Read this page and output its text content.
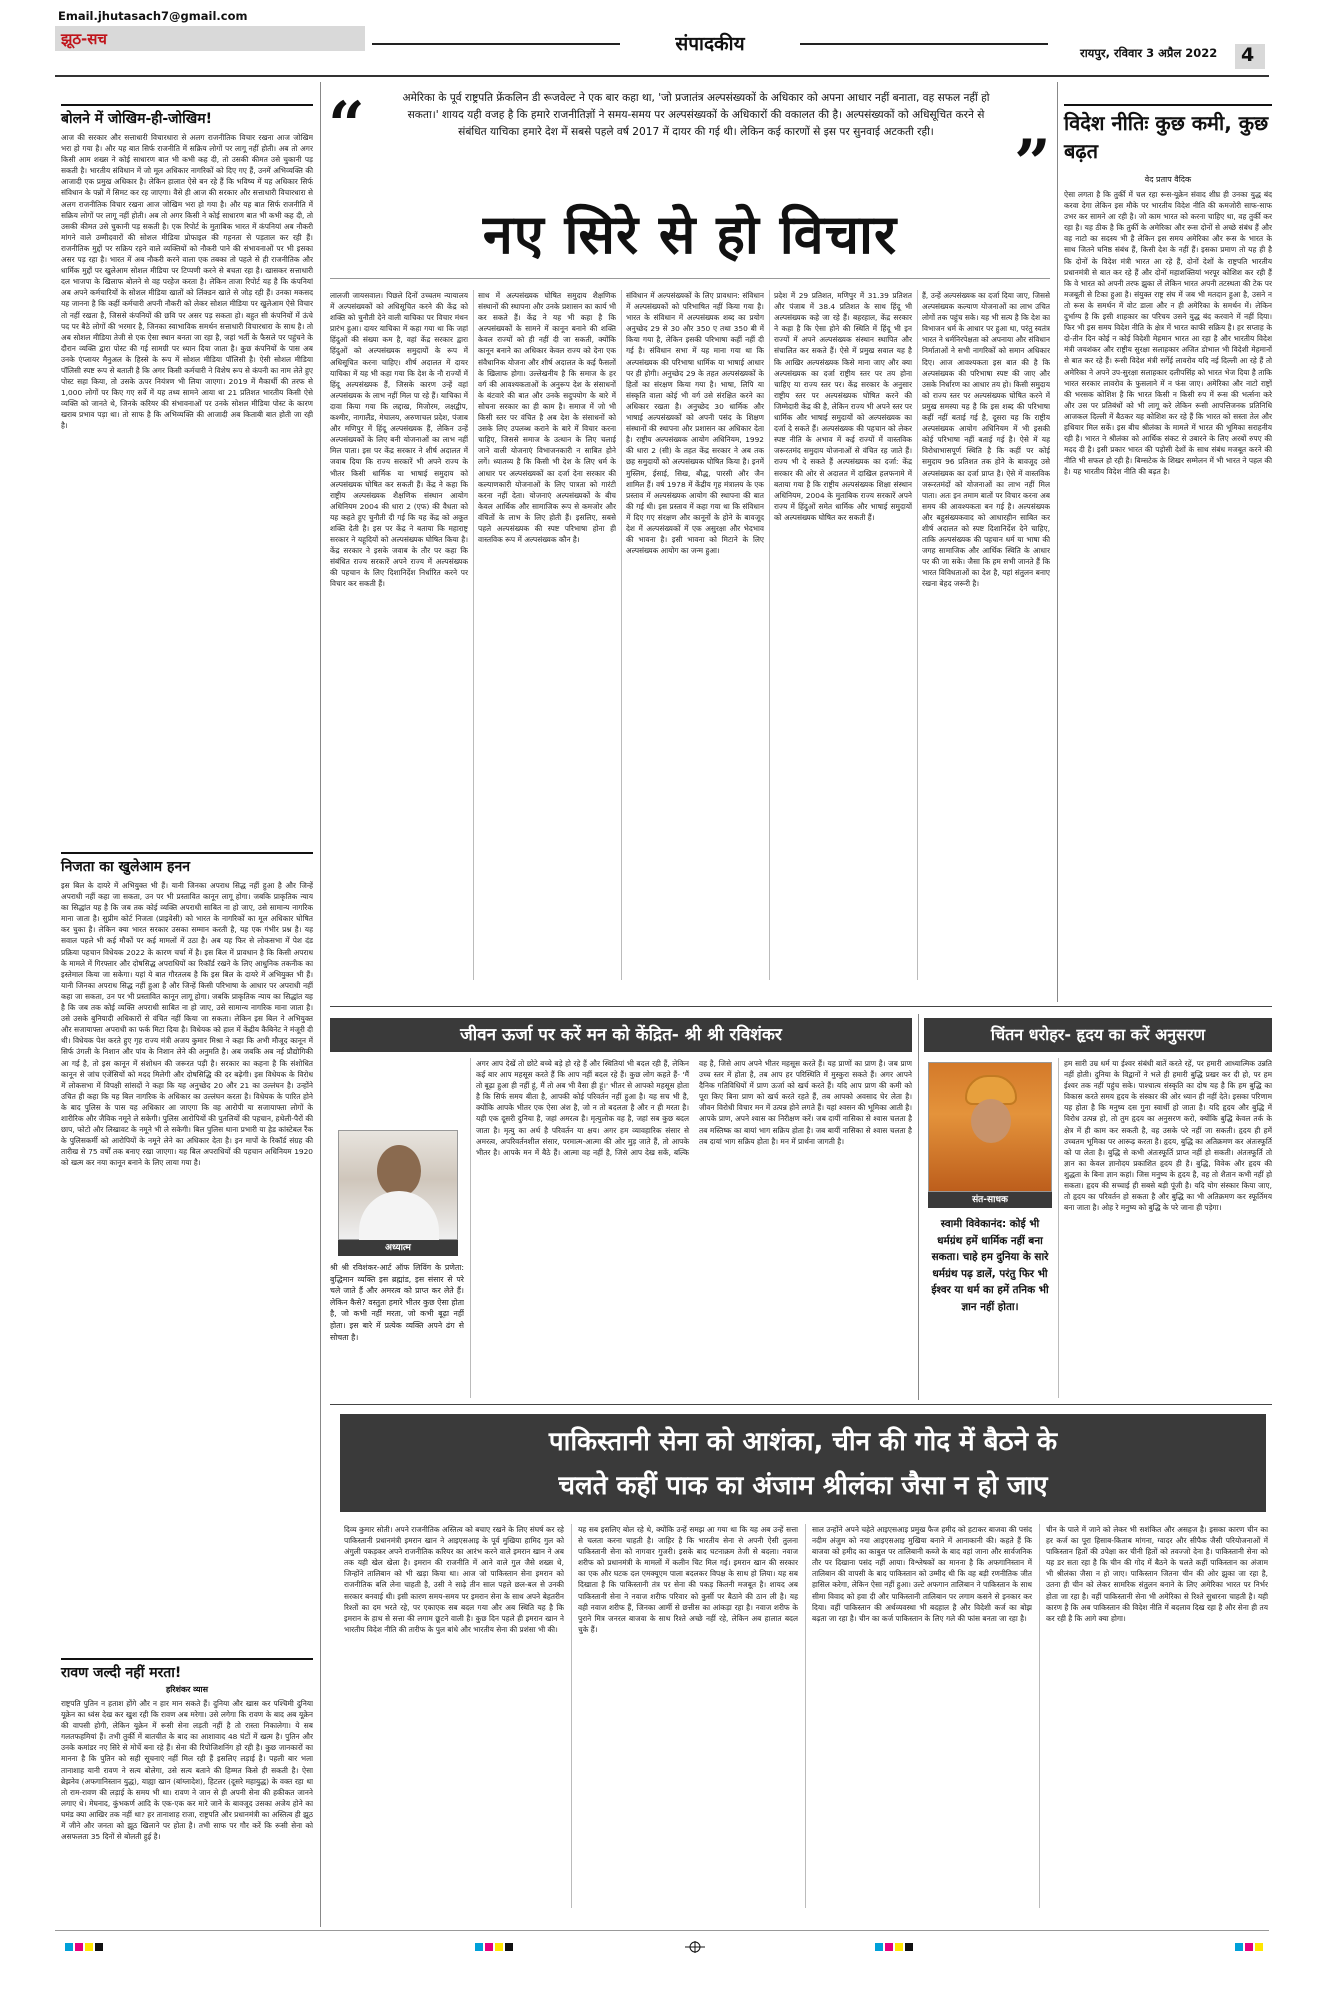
Email.jhutasach7@gmail.com
झूठ-सच	संपादकीय	रायपुर, रविवार 3 अप्रैल 2022 4
बोलने में जोखिम-ही-जोखिम!
आज की सरकार और सत्ताधारी विचारधारा से अलग राजनीतिक विचार रखना आज जोखिम भरा हो गया है। और यह बात सिर्फ राजनीति में सक्रिय लोगों पर लागू नहीं होती। अब तो अगर किसी आम शख्स ने कोई साधारण बात भी कभी कह दी, तो उसकी कीमत उसे चुकानी पड़ सकती है। भारतीय संविधान में जो मूल अधिकार नागरिकों को दिए गए हैं, उनमें अभिव्यक्ति की आजादी एक प्रमुख अधिकार है। लेकिन हालात ऐसे बन रहे हैं कि भविष्य में यह अधिकार सिर्फ संविधान के पन्नों में सिमट कर रह जाएगा। वैसे ही आज की सरकार और सत्ताधारी विचारधारा से अलग राजनीतिक विचार रखना आज जोखिम भरा हो गया है। और यह बात सिर्फ राजनीति में सक्रिय लोगों पर लागू नहीं होती। अब तो अगर किसी ने कोई साधारण बात भी कभी कह दी, तो उसकी कीमत उसे चुकानी पड़ सकती है। एक रिपोर्ट के मुताबिक भारत में कंपनियां अब नौकरी मांगने वाले उम्मीदवारों की सोशल मीडिया प्रोफाइल की गहनता से पड़ताल कर रही हैं। राजनीतिक मुद्दों पर सक्रिय रहने वाले व्यक्तियों को नौकरी पाने की संभावनाओं पर भी इसका असर पड़ रहा है। भारत में अब नौकरी करने वाला एक तबका तो पहले से ही राजनीतिक और धार्मिक मुद्दों पर खुलेआम सोशल मीडिया पर टिप्पणी करने से बचता रहा है। खासकर सत्ताधारी दल भाजपा के खिलाफ बोलने से वह परहेज करता है। लेकिन ताजा रिपोर्ट यह है कि कंपनियां अब अपने कर्मचारियों के सोशल मीडिया खातों को लिंक्डन खाते से जोड़ रही हैं। उनका मकसद यह जानना है कि कहीं कर्मचारी अपनी नौकरी को लेकर सोशल मीडिया पर खुलेआम ऐसे विचार तो नहीं रखता है, जिससे कंपनियों की छवि पर असर पड़ सकता हो। बहुत सी कंपनियों में ऊंचे पद पर बैठे लोगों की भरमार है, जिनका स्वाभाविक समर्थन सत्ताधारी विचारधारा के साथ है। तो अब सोशल मीडिया तेजी से एक ऐसा स्थान बनता जा रहा है, जहां भर्ती के फैसले पर पहुंचने के दौरान व्यक्ति द्वारा पोस्ट की गई सामग्री पर ध्यान दिया जाता है। कुछ कंपनियों के पास अब उनके एंप्लायर मैनुअल के हिस्से के रूप में सोशल मीडिया पॉलिसी है। ऐसी सोशल मीडिया पॉलिसी स्पष्ट रूप से बताती है कि अगर किसी कर्मचारी ने विशेष रूप से कंपनी का नाम लेते हुए पोस्ट सहा किया, तो उसके ऊपर नियंत्रण भी लिया जाएगा। 2019 में मैकार्थी की तरफ से 1,000 लोगों पर किए गए सर्वे में यह तथ्य सामने आया था 21 प्रतिशत भारतीय किसी ऐसे व्यक्ति को जानते थे, जिनके करियर की संभावनाओं पर उनके सोशल मीडिया पोस्ट के कारण खराब प्रभाव पड़ा था। तो साफ है कि अभिव्यक्ति की आजादी अब किताबी बात होती जा रही है।
निजता का खुलेआम हनन
इस बिल के दायरे में अभियुक्त भी हैं। यानी जिनका अपराध सिद्ध नहीं हुआ है और जिन्हें अपराधी नहीं कहा जा सकता, उन पर भी प्रस्तावित कानून लागू होगा। जबकि प्राकृतिक न्याय का सिद्धांत यह है कि जब तक कोई व्यक्ति अपराधी साबित ना हो जाए, उसे सामान्य नागरिक माना जाता है। सुप्रीम कोर्ट निजता (प्राइवेसी) को भारत के नागरिकों का मूल अधिकार घोषित कर चुका है। लेकिन क्या भारत सरकार उसका सम्मान करती है, यह एक गंभीर प्रश्न है। यह सवाल पहले भी कई मौकों पर कई मामलों में उठा है। अब यह फिर से लोकसभा में पेश दंड प्रक्रिया पहचान विधेयक 2022 के कारण चर्चा में है। इस बिल में प्रावधान है कि किसी अपराध के मामले में गिरफ्तार और दोषसिद्ध अपराधियों का रिकॉर्ड रखने के लिए आधुनिक तकनीक का इस्तेमाल किया जा सकेगा। यहां ये बात गौरतलब है कि इस बिल के दायरे में अभियुक्त भी हैं। यानी जिनका अपराध सिद्ध नहीं हुआ है और जिन्हें किसी परिभाषा के आधार पर अपराधी नहीं कहा जा सकता, उन पर भी प्रस्तावित कानून लागू होगा। जबकि प्राकृतिक न्याय का सिद्धांत यह है कि जब तक कोई व्यक्ति अपराधी साबित ना हो जाए, उसे सामान्य नागरिक माना जाता है। उसे उसके बुनियादी अधिकारों से वंचित नहीं किया जा सकता। लेकिन इस बिल ने अभियुक्त और सजायाफ्ता अपराधी का फर्क मिटा दिया है। विधेयक को हाल में केंद्रीय कैबिनेट ने मंजूरी दी थी। विधेयक पेश करते हुए गृह राज्य मंत्री अजय कुमार मिश्रा ने कहा कि अभी मौजूद कानून में सिर्फ उंगली के निशान और पांव के निशान लेने की अनुमति है। अब जबकि अब नई प्रौद्योगिकी आ गई है, तो इस कानून में संशोधन की जरूरत पड़ी है। सरकार का कहना है कि संशोधित कानून से जांच एजेंसियों को मदद मिलेगी और दोषसिद्धि की दर बढ़ेगी। इस विधेयक के विरोध में लोकसभा में विपक्षी सांसदों ने कहा कि यह अनुच्छेद 20 और 21 का उल्लंघन है। उन्होंने उचित ही कहा कि यह बिल नागरिक के अधिकार का उल्लंघन करता है। विधेयक के पारित होने के बाद पुलिस के पास यह अधिकार आ जाएगा कि वह आरोपी या सजायाफ्ता लोगों के शारीरिक और जैविक नमूने ले सकेगी। पुलिस आरोपियों की पुतलियों की पहचान, हथेली-पैरों की छाप, फोटो और लिखावट के नमूने भी ले सकेगी। बिल पुलिस थाना प्रभारी या हेड कांस्टेबल रैंक के पुलिसकर्मी को आरोपियों के नमूने लेने का अधिकार देता है। इन मापों के रिकॉर्ड संग्रह की तारीख से 75 वर्षों तक बनाए रखा जाएगा। यह बिल अपराधियों की पहचान अधिनियम 1920 को खत्म कर नया कानून बनाने के लिए लाया गया है।
रावण जल्दी नहीं मरता!
हरिशंकर व्यास
राष्ट्रपति पुतिन न हताश होंगे और न हार मान सकते हैं। दुनिया और खास कर पश्चिमी दुनिया यूक्रेन का ध्वंस देख कर खुश रही कि रावण अब मरेगा। उसे लगेगा कि रावण के बाद अब यूक्रेन की वापसी होगी, लेकिन यूक्रेन में रूसी सेना लड़ती नहीं है तो रास्ता निकालेगा। ये सब गलतफहमियां हैं। तभी तुर्की में बातचीत के बाद का आशावाद 48 घंटों में खत्म है। पुतिन और उनके कमांडर नए सिरे से मोर्चे बना रहे हैं। सेना की रिपोजिशनिंग हो रही है। कुछ जानकारों का मानना है कि पुतिन को सही सूचनाएं नहीं मिल रही हैं इसलिए लड़ाई है। पहली बार भला तानाशाह यानी रावण ने सत्य बोलेगा, उसे सत्य बताने की हिम्मत किसे ही सकती है। ऐसा ब्रेझनेव (अफगानिस्तान युद्ध), याह्या खान (बांग्लादेश), हिटलर (दूसरे महायुद्ध) के वक्त रहा था तो राम-रावण की लड़ाई के समय भी था। रावण ने जान से ही अपनी सेना की हकीकत जानने लगाए थे। मेघनाद, कुंभकर्ण आदि के एक-एक कर मारे जाने के बावजूद उसका अजेय होने का घमंड क्या आखिर तक नहीं था? हर तानाशाह राजा, राष्ट्रपति और प्रधानमंत्री का अस्तित्व ही झूठ में जीने और जनता को झूठ खिलाने पर होता है। तभी साफ पर गौर करें कि रूसी सेना को असफलता 35 दिनों से बोलती हुई है।
“
”
अमेरिका के पूर्व राष्ट्रपति फ्रेंकलिन डी रूजवेल्ट ने एक बार कहा था, 'जो प्रजातंत्र अल्पसंख्यकों के अधिकार को अपना आधार नहीं बनाता, वह सफल नहीं हो सकता।' शायद यही वजह है कि हमारे राजनीतिज्ञों ने समय-समय पर अल्पसंख्यकों के अधिकारों की वकालत की है। अल्पसंख्यकों को अधिसूचित करने से संबंधित याचिका हमारे देश में सबसे पहले वर्ष 2017 में दायर की गई थी। लेकिन कई कारणों से इस पर सुनवाई अटकती रही।
नए सिरे से हो विचार
लालजी जायसवाल। पिछले दिनों उच्चतम न्यायालय में अल्पसंख्यकों को अधिसूचित करने की केंद्र को शक्ति को चुनौती देने वाली याचिका पर विचार मंथन प्रारंभ हुआ। दायर याचिका में कहा गया था कि जहां हिंदुओं की संख्या कम है, वहां केंद्र सरकार द्वारा हिंदुओं को अल्पसंख्यक समुदायों के रूप में अधिसूचित करना चाहिए। शीर्ष अदालत में दायर याचिका में यह भी कहा गया कि देश के नौ राज्यों में हिंदू अल्पसंख्यक हैं, जिसके कारण उन्हें वहां अल्पसंख्यक के लाभ नहीं मिल पा रहे हैं। याचिका में दावा किया गया कि लद्दाख, मिजोरम, लक्षद्वीप, कश्मीर, नागालैंड, मेघालय, अरुणाचल प्रदेश, पंजाब और मणिपुर में हिंदू अल्पसंख्यक हैं, लेकिन उन्हें अल्पसंख्यकों के लिए बनी योजनाओं का लाभ नहीं मिल पाता। इस पर केंद्र सरकार ने शीर्ष अदालत में जवाब दिया कि राज्य सरकारें भी अपने राज्य के भीतर किसी धार्मिक या भाषाई समुदाय को अल्पसंख्यक घोषित कर सकती हैं। केंद्र ने कहा कि राष्ट्रीय अल्पसंख्यक शैक्षणिक संस्थान आयोग अधिनियम 2004 की धारा 2 (एफ) की वैधता को यह कहते हुए चुनौती दी गई कि यह केंद्र को अकूत शक्ति देती है। इस पर केंद्र ने बताया कि महाराष्ट्र सरकार ने यहूदियों को अल्पसंख्यक घोषित किया है। केंद्र सरकार ने इसके जवाब के तौर पर कहा कि संबंधित राज्य सरकारें अपने राज्य में अल्पसंख्यक की पहचान के लिए दिशानिर्देश निर्धारित करने पर विचार कर सकती हैं।
साथ में अल्पसंख्यक घोषित समुदाय शैक्षणिक संस्थानों की स्थापना और उनके प्रशासन का कार्य भी कर सकते हैं। केंद्र ने यह भी कहा है कि अल्पसंख्यकों के सामने में कानून बनाने की शक्ति केवल राज्यों को ही नहीं दी जा सकती, क्योंकि कानून बनाने का अधिकार केवल राज्य को देना एक संवैधानिक योजना और शीर्ष अदालत के कई फैसलों के खिलाफ होगा। उल्लेखनीय है कि समाज के हर वर्ग की आवश्यकताओं के अनुरूप देश के संसाधनों के बंटवारे की बात और उनके सदुपयोग के बारे में सोचना सरकार का ही काम है। समाज में जो भी किसी स्तर पर वंचित है अब देश के संसाधनों को उसके लिए उपलब्ध कराने के बारे में विचार करना चाहिए, जिससे समाज के उत्थान के लिए चलाई जाने वाली योजनाएं विभाजनकारी न साबित होने लगें। ध्यातव्य है कि किसी भी देश के लिए धर्म के आधार पर अल्पसंख्यकों का दर्जा देना सरकार की कल्याणकारी योजनाओं के लिए पात्रता को गारंटी करना नहीं देता। योजनाएं अल्पसंख्यकों के बीच केवल आर्थिक और सामाजिक रूप से कमजोर और वंचितों के लाभ के लिए होती हैं। इसलिए, सबसे पहले अल्पसंख्यक की स्पष्ट परिभाषा होना ही वास्तविक रूप में अल्पसंख्यक कौन है।
संविधान में अल्पसंख्यकों के लिए प्रावधान: संविधान में अल्पसंख्यकों को परिभाषित नहीं किया गया है। भारत के संविधान में अल्पसंख्यक शब्द का प्रयोग अनुच्छेद 29 से 30 और 350 ए तथा 350 बी में किया गया है, लेकिन इसकी परिभाषा कहीं नहीं दी गई है। संविधान सभा में यह माना गया था कि अल्पसंख्यक की परिभाषा धार्मिक या भाषाई आधार पर ही होगी। अनुच्छेद 29 के तहत अल्पसंख्यकों के हितों का संरक्षण किया गया है। भाषा, लिपि या संस्कृति वाला कोई भी वर्ग उसे संरक्षित करने का अधिकार रखता है। अनुच्छेद 30 धार्मिक और भाषाई अल्पसंख्यकों को अपनी पसंद के शिक्षण संस्थानों की स्थापना और प्रशासन का अधिकार देता है। राष्ट्रीय अल्पसंख्यक आयोग अधिनियम, 1992 की धारा 2 (सी) के तहत केंद्र सरकार ने अब तक छह समुदायों को अल्पसंख्यक घोषित किया है। इनमें मुस्लिम, ईसाई, सिख, बौद्ध, पारसी और जैन शामिल हैं। वर्ष 1978 में केंद्रीय गृह मंत्रालय के एक प्रस्ताव में अल्पसंख्यक आयोग की स्थापना की बात की गई थी। इस प्रस्ताव में कहा गया था कि संविधान में दिए गए संरक्षण और कानूनों के होने के बावजूद देश में अल्पसंख्यकों में एक असुरक्षा और भेदभाव की भावना है। इसी भावना को मिटाने के लिए अल्पसंख्यक आयोग का जन्म हुआ।
प्रदेश में 29 प्रतिशत, मणिपुर में 31.39 प्रतिशत और पंजाब में 38.4 प्रतिशत के साथ हिंदू भी अल्पसंख्यक कहे जा रहे हैं। बहरहाल, केंद्र सरकार ने कहा है कि ऐसा होने की स्थिति में हिंदू भी इन राज्यों में अपने अल्पसंख्यक संस्थान स्थापित और संचालित कर सकते हैं। ऐसे में प्रमुख सवाल यह है कि आखिर अल्पसंख्यक किसे माना जाए और क्या अल्पसंख्यक का दर्जा राष्ट्रीय स्तर पर तय होना चाहिए या राज्य स्तर पर। केंद्र सरकार के अनुसार राष्ट्रीय स्तर पर अल्पसंख्यक घोषित करने की जिम्मेदारी केंद्र की है, लेकिन राज्य भी अपने स्तर पर धार्मिक और भाषाई समुदायों को अल्पसंख्यक का दर्जा दे सकते हैं। अल्पसंख्यक की पहचान को लेकर स्पष्ट नीति के अभाव में कई राज्यों में वास्तविक जरूरतमंद समुदाय योजनाओं से वंचित रह जाते हैं। राज्य भी दे सकते हैं अल्पसंख्यक का दर्जा: केंद्र सरकार की ओर से अदालत में दाखिल हलफनामे में बताया गया है कि राष्ट्रीय अल्पसंख्यक शिक्षा संस्थान अधिनियम, 2004 के मुताबिक राज्य सरकारें अपने राज्य में हिंदुओं समेत धार्मिक और भाषाई समुदायों को अल्पसंख्यक घोषित कर सकती हैं।
हैं, उन्हें अल्पसंख्यक का दर्जा दिया जाए, जिससे अल्पसंख्यक कल्याण योजनाओं का लाभ उचित लोगों तक पहुंच सके। यह भी सत्य है कि देश का विभाजन धर्म के आधार पर हुआ था, परंतु स्वतंत्र भारत ने धर्मनिरपेक्षता को अपनाया और संविधान निर्माताओं ने सभी नागरिकों को समान अधिकार दिए। आज आवश्यकता इस बात की है कि अल्पसंख्यक की परिभाषा स्पष्ट की जाए और उसके निर्धारण का आधार तय हो। किसी समुदाय को राज्य स्तर पर अल्पसंख्यक घोषित करने में प्रमुख समस्या यह है कि इस शब्द की परिभाषा कहीं नहीं बताई गई है, दूसरा यह कि राष्ट्रीय अल्पसंख्यक आयोग अधिनियम में भी इसकी कोई परिभाषा नहीं बताई गई है। ऐसे में यह विरोधाभासपूर्ण स्थिति है कि कहीं पर कोई समुदाय 96 प्रतिशत तक होने के बावजूद उसे अल्पसंख्यक का दर्जा प्राप्त है। ऐसे में वास्तविक जरूरतमंदों को योजनाओं का लाभ नहीं मिल पाता। अतः इन तमाम बातों पर विचार करना अब समय की आवश्यकता बन गई है। अल्पसंख्यक और बहुसंख्यकवाद को आधारहीन साबित कर शीर्ष अदालत को स्पष्ट दिशानिर्देश देने चाहिए, ताकि अल्पसंख्यक की पहचान धर्म या भाषा की जगह सामाजिक और आर्थिक स्थिति के आधार पर की जा सके। जैसा कि हम सभी जानते हैं कि भारत विविधताओं का देश है, यहां संतुलन बनाए रखना बेहद जरूरी है।
विदेश नीतिः कुछ कमी, कुछ बढ़त
वेद प्रताप वैदिक
ऐसा लगता है कि तुर्की में चल रहा रूस-यूक्रेन संवाद शीघ्र ही उनका युद्ध बंद करवा देगा लेकिन इस मौके पर भारतीय विदेश नीति की कमजोरी साफ-साफ उभर कर सामने आ रही है। जो काम भारत को करना चाहिए था, वह तुर्की कर रहा है। यह ठीक है कि तुर्की के अमेरिका और रूस दोनों से अच्छे संबंध हैं और वह नाटो का सदस्य भी है लेकिन इस समय अमेरिका और रूस के भारत के साथ जितने घनिष्ठ संबंध हैं, किसी देश के नहीं हैं। इसका प्रमाण तो यह ही है कि दोनों के विदेश मंत्री भारत आ रहे हैं, दोनों देशों के राष्ट्रपति भारतीय प्रधानमंत्री से बात कर रहे हैं और दोनों महाशक्तियां भरपूर कोशिश कर रही हैं कि वे भारत को अपनी तरफ झुका लें लेकिन भारत अपनी तटस्थता की टेक पर मजबूती से टिका हुआ है। संयुक्त राष्ट्र संघ में जब भी मतदान हुआ है, उसने न तो रूस के समर्थन में वोट डाला और न ही अमेरिका के समर्थन में। लेकिन दुर्भाग्य है कि इसी शाहकार का परिचय उसने युद्ध बंद करवाने में नहीं दिया। फिर भी इस समय विदेश नीति के क्षेत्र में भारत काफी सक्रिय है। हर सप्ताह के दो-तीन दिन कोई न कोई विदेशी मेहमान भारत आ रहा है और भारतीय विदेश मंत्री जयशंकर और राष्ट्रीय सुरक्षा सलाहकार अजित डोभाल भी विदेशी मेहमानों से बात कर रहे हैं। रूसी विदेश मंत्री सर्गेई लावरोव यदि नई दिल्ली आ रहे हैं तो अमेरिका ने अपने उप-सुरक्षा सलाहकार दलीपसिंह को भारत भेज दिया है ताकि भारत सरकार लावरोव के फुसलाने में न फंस जाए। अमेरिका और नाटो राष्ट्रों की भरसक कोशिश है कि भारत किसी न किसी रुप में रूस की भर्त्सना करे और उस पर प्रतिबंधों को भी लागू करे लेकिन रूसी आपत्तिजनक प्रतिनिधि आजकल दिल्ली में बैठकर यह कोशिश कर रहे हैं कि भारत को सस्ता तेल और हथियार मिल सकें। इस बीच श्रीलंका के मामले में भारत की भूमिका सराहनीय रही है। भारत ने श्रीलंका को आर्थिक संकट से उबारने के लिए अरबों रुपए की मदद दी है। इसी प्रकार भारत की पड़ोसी देशों के साथ संबंध मजबूत करने की नीति भी सफल हो रही है। बिम्सटेक के शिखर सम्मेलन में भी भारत ने पहल की है। यह भारतीय विदेश नीति की बढ़त है।
जीवन ऊर्जा पर करें मन को केंद्रित- श्री श्री रविशंकर
अध्यात्म
श्री श्री रविशंकर-आर्ट ऑफ लिविंग के प्रणेता: बुद्धिमान व्यक्ति इस ब्रह्मांड, इस संसार से परे चले जाते हैं और अमरत्व को प्राप्त कर लेते हैं। लेकिन कैसे? वस्तुतः हमारे भीतर कुछ ऐसा होता है, जो कभी नहीं मरता, जो कभी बूढ़ा नहीं होता। इस बारे में प्रत्येक व्यक्ति अपने ढंग से सोचता है।
अगर आप देखें तो छोटे बच्चे बड़े हो रहे हैं और स्थितियां भी बदल रही हैं, लेकिन कई बार आप महसूस करते हैं कि आप नहीं बदल रहे हैं। कुछ लोग कहते हैं- 'मैं तो बूढ़ा हुआ ही नहीं हूं, मैं तो अब भी वैसा ही हूं।' भीतर से आपको महसूस होता है कि सिर्फ समय बीता है, आपकी कोई परिवर्तन नहीं हुआ है। यह सच भी है, क्योंकि आपके भीतर एक ऐसा अंश है, जो न तो बदलता है और न ही मरता है। यही एक दूसरी दुनिया है, जहां अमरत्व है। मृत्युलोक वह है, जहां सब कुछ बदल जाता है। मृत्यु का अर्थ है परिवर्तन या क्षय। अगर हम व्यावहारिक संसार से अमरत्व, अपरिवर्तनशील संसार, परमात्म-आत्मा की ओर मुड़ जाते हैं, तो आपके भीतर है। आपके मन में बैठे हैं। आत्मा वह नहीं है, जिसे आप देख सकें, बल्कि वह है, जिसे आप अपने भीतर महसूस करते हैं। यह प्राणों का प्राण है। जब प्राण उच्च स्तर में होता है, तब आप हर परिस्थिति में मुस्कुरा सकते हैं। अगर आपने दैनिक गतिविधियों में प्राण ऊर्जा को खर्च करते हैं। यदि आप प्राण की कमी को पूरा किए बिना प्राण को खर्च करते रहते हैं, तब आपको अवसाद घेर लेता है। जीवन विरोधी विचार मन में उत्पन्न होने लगते हैं। यहां श्वसन की भूमिका आती है। आपके प्राण, अपने श्वास का निरीक्षण करें। जब दायीं नासिका से श्वास चलता है तब मस्तिष्क का बायां भाग सक्रिय होता है। जब बायीं नासिका से श्वास चलता है तब दायां भाग सक्रिय होता है। मन में प्रार्थना जागती है।
चिंतन धरोहर- हृदय का करें अनुसरण
संत-साधक
स्वामी विवेकानंद: कोई भी धर्मग्रंथ हमें धार्मिक नहीं बना सकता। चाहे हम दुनिया के सारे धर्मग्रंथ पढ़ डालें, परंतु फिर भी ईश्वर या धर्म का हमें तनिक भी ज्ञान नहीं होता।
हम सारी उम्र धर्म या ईश्वर संबंधी बातें करते रहें, पर हमारी आध्यात्मिक उन्नति नहीं होती। दुनिया के विद्वानों ने भले ही हमारी बुद्धि प्रखर कर दी हो, पर हम ईश्वर तक नहीं पहुंच सके। पाश्चात्य संस्कृति का दोष यह है कि हम बुद्धि का विकास करते समय हृदय के संस्कार की ओर ध्यान ही नहीं देते। इसका परिणाम यह होता है कि मनुष्य दस गुना स्वार्थी हो जाता है। यदि हृदय और बुद्धि में विरोध उत्पन्न हो, तो तुम हृदय का अनुसरण करो, क्योंकि बुद्धि केवल तर्क के क्षेत्र में ही काम कर सकती है, वह उसके परे नहीं जा सकती। हृदय ही हमें उच्चतम भूमिका पर आरूढ़ करता है। हृदय, बुद्धि का अतिक्रमण कर अंतःस्फूर्ति को पा लेता है। बुद्धि से कभी अंतःस्फूर्ति प्राप्त नहीं हो सकती। अंतःस्फूर्ति तो ज्ञान का केवल ज्ञानोदय प्रकाशित हृदय ही है। बुद्धि, विवेक और हृदय की शुद्धता के बिना ज्ञान कहां। जिस मनुष्य के हृदय है, वह तो शैतान कभी नहीं हो सकता। हृदय की सच्चाई ही सबसे बड़ी पूंजी है। यदि योग संस्कार किया जाए, तो हृदय का परिवर्तन हो सकता है और बुद्धि का भी अतिक्रमण कर स्फूर्तिमय बना जाता है। ओह रे मनुष्य को बुद्धि के परे जाना ही पड़ेगा।
पाकिस्तानी सेना को आशंका, चीन की गोद में बैठने के
चलते कहीं पाक का अंजाम श्रीलंका जैसा न हो जाए
दिव्य कुमार सोती। अपने राजनीतिक अस्तित्व को बचाए रखने के लिए संघर्ष कर रहे पाकिस्तानी प्रधानमंत्री इमरान खान ने आइएसआइ के पूर्व मुखिया हामिद गुल को अंगुली पकड़कर अपने राजनीतिक करियर का आरंभ करने वाले इमरान खान ने अब तक यही खेल खेला है। इमरान की राजनीति में आने वाले गुल जैसे शख्स थे, जिन्होंने तालिबान को भी खड़ा किया था। आज जो पाकिस्तान सेना इमरान को राजनीतिक बलि लेना चाहती है, उसी ने साढ़े तीन साल पहले छल-बल से उनकी सरकार बनवाई थी। इसी कारण समय-समय पर इमरान सेना के साथ अपने बेहतरीन रिश्तों का दम भरते रहे, पर एकाएक सब बदल गया और अब स्थिति यह है कि इमरान के हाथ से सत्ता की लगाम छूटने वाली है। कुछ दिन पहले ही इमरान खान ने भारतीय विदेश नीति की तारीफ के पुल बांधे और भारतीय सेना की प्रशंसा भी की।
यह सब इसलिए बोल रहे थे, क्योंकि उन्हें समझ आ गया था कि यह अब उन्हें सत्ता से चलता करना चाहती है। जाहिर है कि भारतीय सेना से अपनी ऐसी तुलना पाकिस्तानी सेना को नागवार गुजरी। इसके बाद घटनाक्रम तेजी से बदला। नवाज शरीफ को प्रधानमंत्री के मामलों में कलीन चिट मिल गई। इमरान खान की सरकार का एक और घटक दल एमक्यूएम पाला बदलकर विपक्ष के साथ हो लिया। यह सब दिखाता है कि पाकिस्तानी तंत्र पर सेना की पकड़ कितनी मजबूत है। शायद अब पाकिस्तानी सेना ने नवाज शरीफ परिवार को कुर्सी पर बैठाने की ठान ली है। यह वही नवाज शरीफ हैं, जिनका आर्मी से छत्तीस का आंकड़ा रहा है। नवाज शरीफ के पुराने मित्र जनरल बाजवा के साथ रिश्ते अच्छे नहीं रहे, लेकिन अब हालात बदल चुके हैं।
साल उन्होंने अपने चहेते आइएसआइ प्रमुख फैज हमीद को हटाकर बाजवा की पसंद नदीम अंजुम को नया आइएसआइ मुखिया बनाने में आनाकानी की। कहते हैं कि बाजवा को हमीद का काबुल पर तालिबानी कब्जे के बाद वहां जाना और सार्वजनिक तौर पर दिखाना पसंद नहीं आया। विश्लेषकों का मानना है कि अफगानिस्तान में तालिबान की वापसी के बाद पाकिस्तान को उम्मीद थी कि वह बड़ी रणनीतिक जीत हासिल करेगा, लेकिन ऐसा नहीं हुआ। उल्टे अफगान तालिबान ने पाकिस्तान के साथ सीमा विवाद को हवा दी और पाकिस्तानी तालिबान पर लगाम कसने से इनकार कर दिया। वहीं पाकिस्तान की अर्थव्यवस्था भी बदहाल है और विदेशी कर्ज का बोझ बढ़ता जा रहा है। चीन का कर्ज पाकिस्तान के लिए गले की फांस बनता जा रहा है।
चीन के पाले में जाने को लेकर भी सशंकित और असहज है। इसका कारण चीन का हर कर्ज का पूरा हिसाब-किताब मांगना, ग्वादर और सीपैक जैसी परियोजनाओं में पाकिस्तान हितों की उपेक्षा कर चीनी हितों को तवज्जो देना है। पाकिस्तानी सेना को यह डर सता रहा है कि चीन की गोद में बैठने के चलते कहीं पाकिस्तान का अंजाम भी श्रीलंका जैसा न हो जाए। पाकिस्तान जितना चीन की ओर झुका जा रहा है, उतना ही चीन को लेकर सामरिक संतुलन बनाने के लिए अमेरिका भारत पर निर्भर होता जा रहा है। वहीं पाकिस्तानी सेना भी अमेरिका से रिश्ते सुधारना चाहती है। यही कारण है कि अब पाकिस्तान की विदेश नीति में बदलाव दिख रहा है और सेना ही तय कर रही है कि आगे क्या होगा।
